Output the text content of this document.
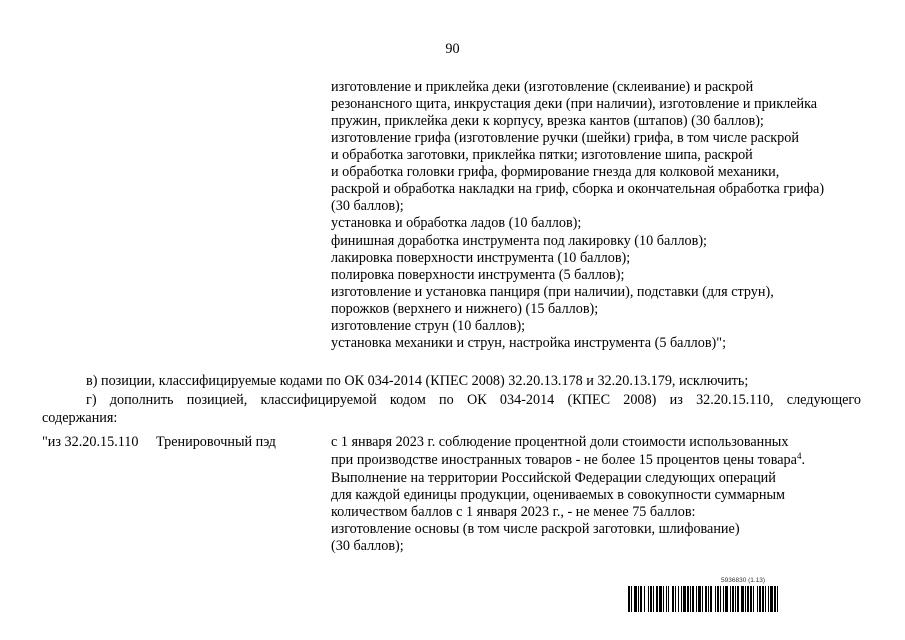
90
изготовление и приклейка деки (изготовление (склеивание) и раскрой
резонансного щита, инкрустация деки (при наличии), изготовление и приклейка
пружин, приклейка деки к корпусу, врезка кантов (штапов) (30 баллов);
изготовление грифа (изготовление ручки (шейки) грифа, в том числе раскрой
и обработка заготовки, приклейка пятки; изготовление шипа, раскрой
и обработка головки грифа, формирование гнезда для колковой механики,
раскрой и обработка накладки на гриф, сборка и окончательная обработка грифа)
(30 баллов);
установка и обработка ладов (10 баллов);
финишная доработка инструмента под лакировку (10 баллов);
лакировка поверхности инструмента (10 баллов);
полировка поверхности инструмента (5 баллов);
изготовление и установка панциря (при наличии), подставки (для струн),
порожков (верхнего и нижнего) (15 баллов);
изготовление струн (10 баллов);
установка механики и струн, настройка инструмента (5 баллов)";
в) позиции, классифицируемые кодами по ОК 034-2014 (КПЕС 2008) 32.20.13.178 и 32.20.13.179, исключить;
г) дополнить позицией, классифицируемой кодом по ОК 034-2014 (КПЕС 2008) из 32.20.15.110, следующего
содержания:
"из 32.20.15.110 Тренировочный пэд	с 1 января 2023 г. соблюдение процентной доли стоимости использованных
при производстве иностранных товаров - не более 15 процентов цены товара$^4$.
Выполнение на территории Российской Федерации следующих операций
для каждой единицы продукции, оцениваемых в совокупности суммарным
количеством баллов с 1 января 2023 г., - не менее 75 баллов:
изготовление основы (в том числе раскрой заготовки, шлифование)
(30 баллов);
5936830 (1.13)
